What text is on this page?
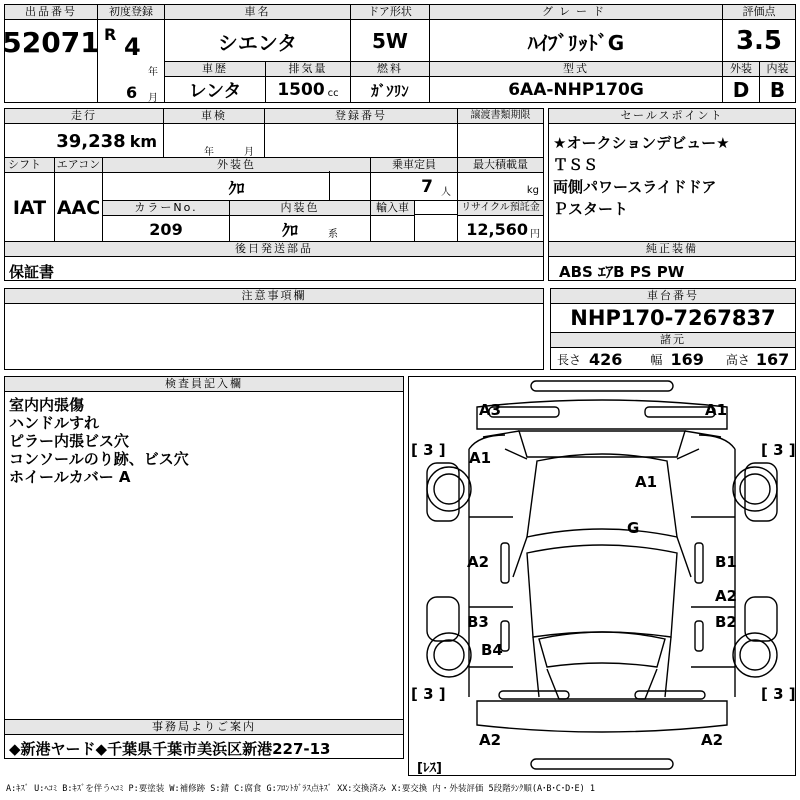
出品番号
52071
初度登録
R 4
年
6 月
車名
シエンタ
ドア形状
5W
グレード
ﾊｲﾌﾞﾘｯﾄﾞG
評価点
3.5
車歴
レンタ
排気量
1500 cc
燃料
ｶﾞｿﾘﾝ
型式
6AA-NHP170G
外装
D
内装
B
走行
39,238 km
車検
年	月
登録番号	譲渡書類期限
シフト
IAT
エアコン
AAC
外装色
ｸﾛ
乗車定員
7 人
最大積載量
kg
カラーNo.
209
内装色
ｸﾛ	系
輸入車	リサイクル預託金
12,560 円
後日発送部品
保証書
セールスポイント
★オークションデビュー★
ＴＳＳ
両側パワースライドドア
Ｐスタート
純正装備
ABS ｴｱB PS PW
注意事項欄	車台番号
NHP170-7267837
諸元
長さ 426 幅 169 高さ 167
検査員記入欄
室内内張傷
ハンドルすれ
ピラー内張ビス穴
コンソールのり跡、ビス穴
ホイールカバー A
事務局よりご案内
◆新港ヤード◆千葉県千葉市美浜区新港227-13
A3	A1
[ 3 ]	[ 3 ]
A1
A1
G
A2	B1
A2
B3	B2
B4
[ 3 ]	[ 3 ]
A2	A2
[ﾚｽ]
A:ｷｽﾞ U:ﾍｺﾐ B:ｷｽﾞを伴うﾍｺﾐ P:要塗装 W:補修跡 S:錆 C:腐食 G:ﾌﾛﾝﾄｶﾞﾗｽ点ｷｽﾞ XX:交換済み X:要交換 内・外装評価 5段階ﾗﾝｸ順(A･B･C･D･E) 1
